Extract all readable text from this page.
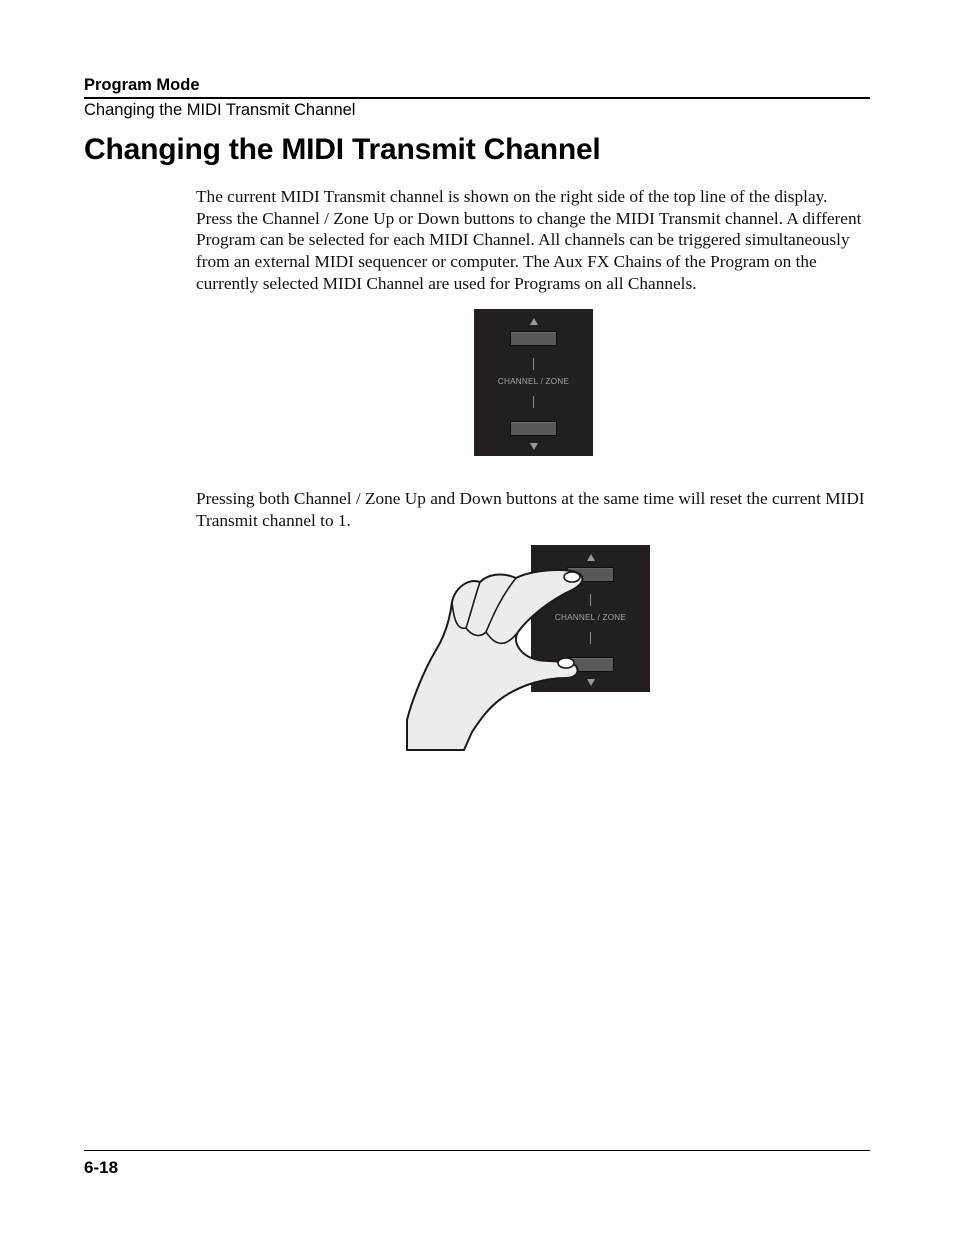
Program Mode
Changing the MIDI Transmit Channel
Changing the MIDI Transmit Channel

The current MIDI Transmit channel is shown on the right side of the top line of the display. Press the Channel / Zone Up or Down buttons to change the MIDI Transmit channel. A different Program can be selected for each MIDI Channel. All channels can be triggered simultaneously from an external MIDI sequencer or computer. The Aux FX Chains of the Program on the currently selected MIDI Channel are used for Programs on all Channels.

CHANNEL / ZONE

Pressing both Channel / Zone Up and Down buttons at the same time will reset the current MIDI Transmit channel to 1.

CHANNEL / ZONE
6-18
